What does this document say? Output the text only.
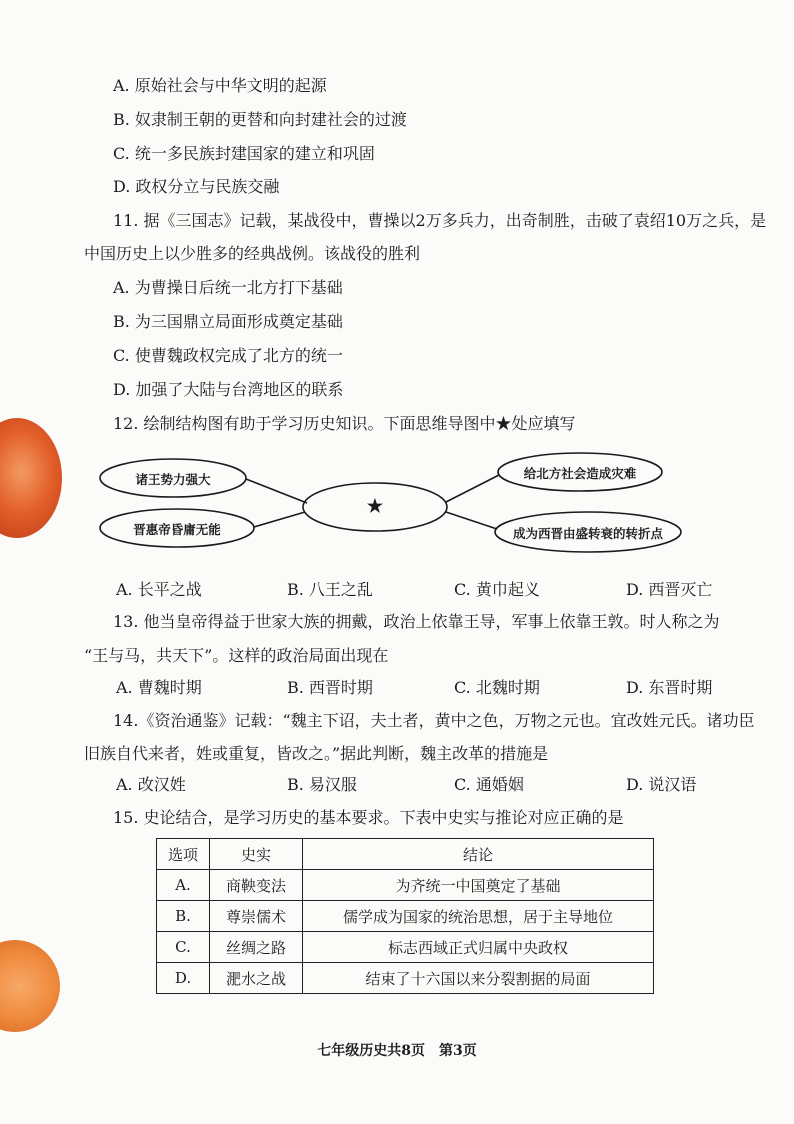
A. 原始社会与中华文明的起源
B. 奴隶制王朝的更替和向封建社会的过渡
C. 统一多民族封建国家的建立和巩固
D. 政权分立与民族交融
11. 据《三国志》记载，某战役中，曹操以2万多兵力，出奇制胜，击破了袁绍10万之兵，是
中国历史上以少胜多的经典战例。该战役的胜利
A. 为曹操日后统一北方打下基础
B. 为三国鼎立局面形成奠定基础
C. 使曹魏政权完成了北方的统一
D. 加强了大陆与台湾地区的联系
12. 绘制结构图有助于学习历史知识。下面思维导图中★处应填写
诸王势力强大
晋惠帝昏庸无能
★
给北方社会造成灾难
成为西晋由盛转衰的转折点
A. 长平之战	B. 八王之乱	C. 黄巾起义	D. 西晋灭亡
13. 他当皇帝得益于世家大族的拥戴，政治上依靠王导，军事上依靠王敦。时人称之为
“王与马，共天下”。这样的政治局面出现在
A. 曹魏时期	B. 西晋时期	C. 北魏时期	D. 东晋时期
14.《资治通鉴》记载：“魏主下诏，夫土者，黄中之色，万物之元也。宜改姓元氏。诸功臣
旧族自代来者，姓或重复，皆改之。”据此判断，魏主改革的措施是
A. 改汉姓	B. 易汉服	C. 通婚姻	D. 说汉语
15. 史论结合，是学习历史的基本要求。下表中史实与推论对应正确的是
选项	史实	结论
A.	商鞅变法	为齐统一中国奠定了基础
B.	尊崇儒术	儒学成为国家的统治思想，居于主导地位
C.	丝绸之路	标志西域正式归属中央政权
D.	淝水之战	结束了十六国以来分裂割据的局面
七年级历史共8页　第3页
